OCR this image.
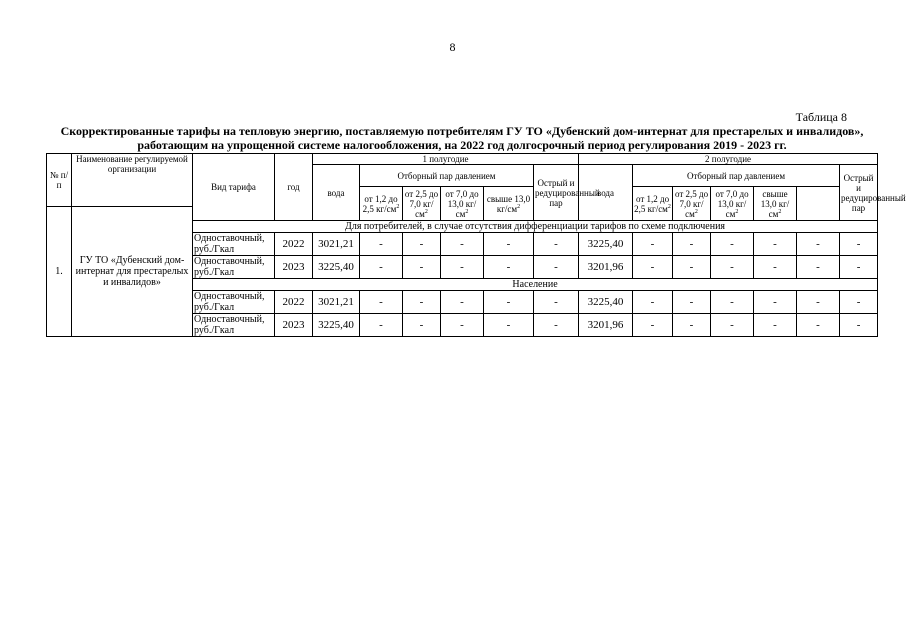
8
Таблица 8
Скорректированные тарифы на тепловую энергию, поставляемую потребителям ГУ ТО «Дубенский дом-интернат для престарелых и инвалидов», работающим на упрощенной системе налогообложения, на 2022 год долгосрочный период регулирования 2019 - 2023 гг.
№ п/п	Наименование регулируемой организации	Вид тарифа	год	1 полугодие						2 полугодие						
				вода	Отборный пар давлением				Острый и редуцированный пар	вода	Отборный пар давлением					Острый и редуцированный пар
					от 1,2 до 2,5 $кг/см^2$	от 2,5 до 7,0 $кг/см^2$	от 7,0 до 13,0 $кг/см^2$	свыше 13,0 $кг/см^2$			от 1,2 до 2,5 $кг/см^2$	от 2,5 до 7,0 $кг/см^2$	от 7,0 до 13,0 $кг/см^2$	свыше 13,0 $кг/см^2$	
1.	ГУ ТО «Дубенский дом-интернат для престарелых и инвалидов»															
		Для потребителей, в случае отсутствия дифференциации тарифов по схеме подключения														
		Одноставочный, руб./Гкал	2022	3021,21	-	-	-	-	-	3225,40	-	-	-	-	-	-
		Одноставочный, руб./Гкал	2023	3225,40	-	-	-	-	-	3201,96	-	-	-	-	-	-
		Население														
		Одноставочный, руб./Гкал	2022	3021,21	-	-	-	-	-	3225,40	-	-	-	-	-	-
		Одноставочный, руб./Гкал	2023	3225,40	-	-	-	-	-	3201,96	-	-	-	-	-	-
